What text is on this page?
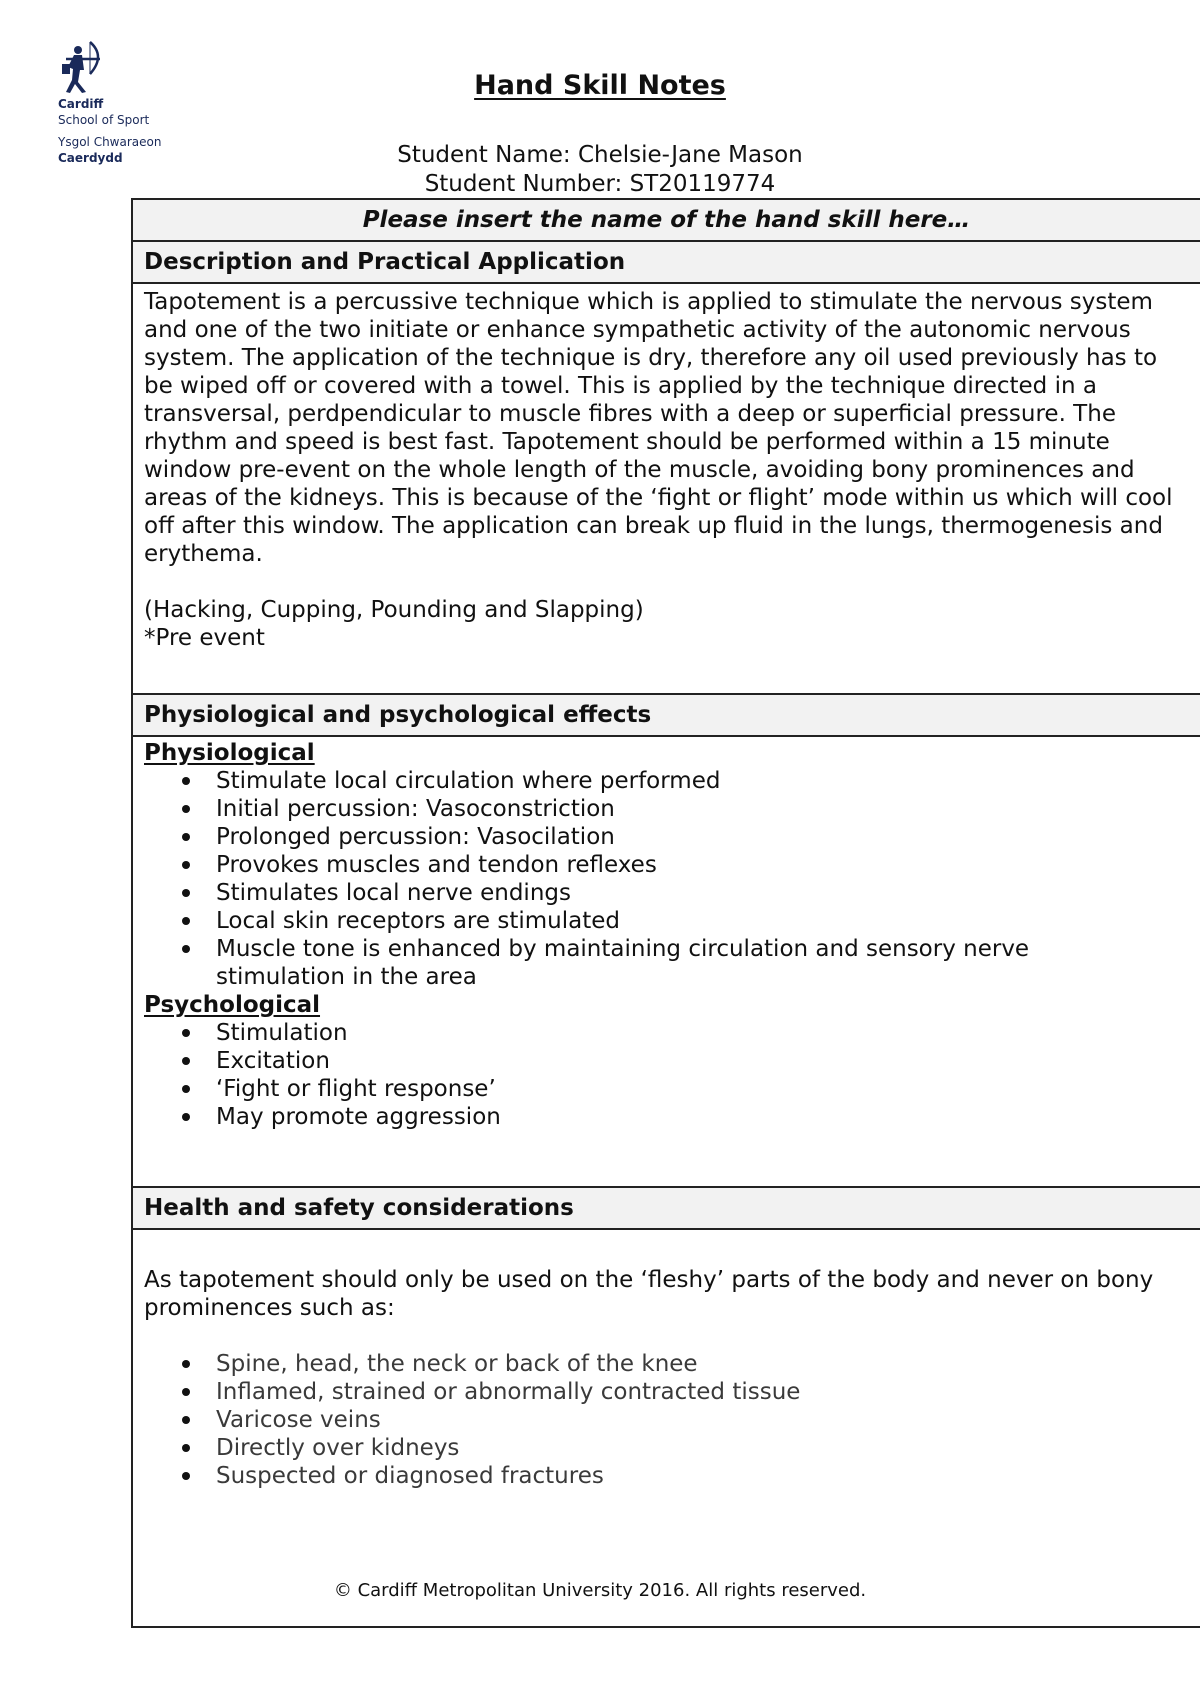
Cardiff
School of Sport
Ysgol Chwaraeon
Caerdydd
Hand Skill Notes
Student Name: Chelsie-Jane Mason
Student Number: ST20119774
Please insert the name of the hand skill here…
Description and Practical Application

Tapotement is a percussive technique which is applied to stimulate the nervous system and one of the two initiate or enhance sympathetic activity of the autonomic nervous system. The application of the technique is dry, therefore any oil used previously has to be wiped off or covered with a towel. This is applied by the technique directed in a transversal, perdpendicular to muscle fibres with a deep or superficial pressure. The rhythm and speed is best fast. Tapotement should be performed within a 15 minute window pre-event on the whole length of the muscle, avoiding bony prominences and areas of the kidneys. This is because of the ‘fight or flight’ mode within us which will cool off after this window. The application can break up fluid in the lungs, thermogenesis and erythema.

(Hacking, Cupping, Pounding and Slapping)

*Pre event

Physiological and psychological effects
Physiological
Stimulate local circulation where performed
Initial percussion: Vasoconstriction
Prolonged percussion: Vasocilation
Provokes muscles and tendon reflexes
Stimulates local nerve endings
Local skin receptors are stimulated
Muscle tone is enhanced by maintaining circulation and sensory nerve stimulation in the area
Psychological
Stimulation
Excitation
‘Fight or flight response’
May promote aggression
Health and safety considerations

As tapotement should only be used on the ‘fleshy’ parts of the body and never on bony prominences such as:

Spine, head, the neck or back of the knee
Inflamed, strained or abnormally contracted tissue
Varicose veins
Directly over kidneys
Suspected or diagnosed fractures
© Cardiff Metropolitan University 2016. All rights reserved.
